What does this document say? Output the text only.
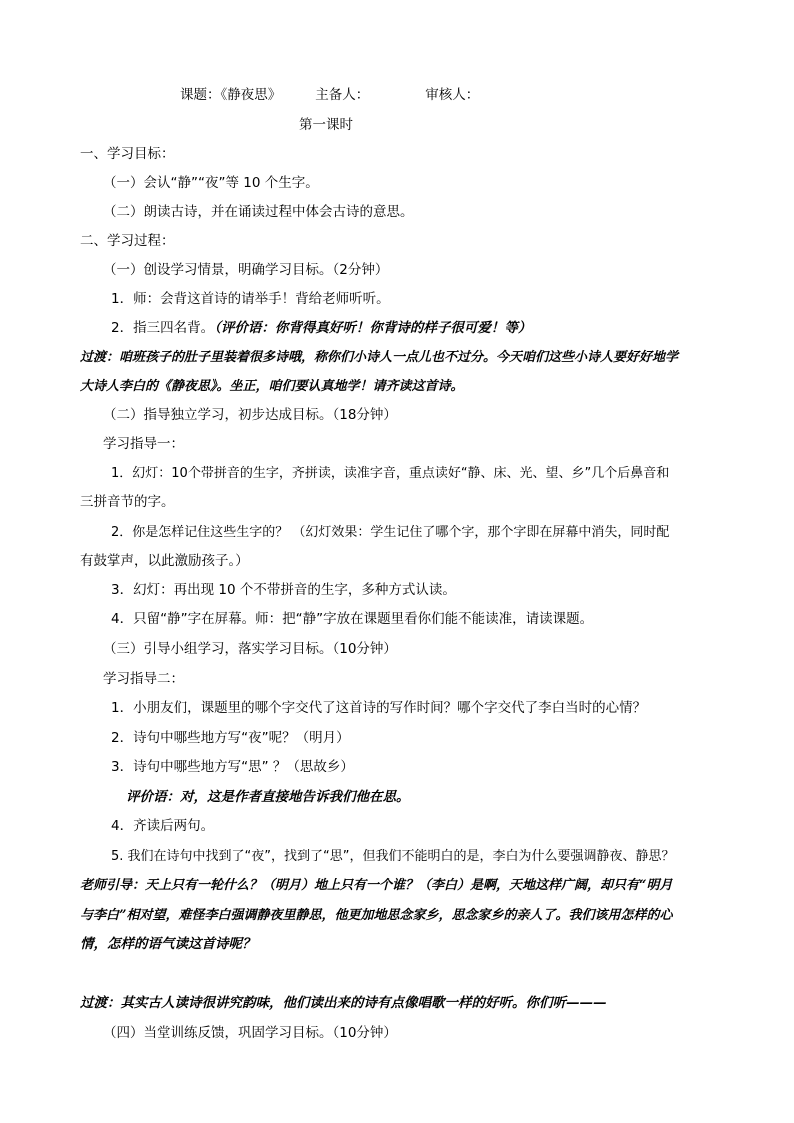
课题：《静夜思》	主备人：	审核人：
第一课时
一、学习目标：
（一）会认“静”“夜”等 10 个生字。
（二）朗读古诗，并在诵读过程中体会古诗的意思。
二、学习过程：
（一）创设学习情景，明确学习目标。（2分钟）
1．师：会背这首诗的请举手！背给老师听听。
2．指三四名背。（评价语：你背得真好听！你背诗的样子很可爱！等）
过渡：咱班孩子的肚子里装着很多诗哦，称你们小诗人一点儿也不过分。今天咱们这些小诗人要好好地学
大诗人李白的《静夜思》。坐正，咱们要认真地学！请齐读这首诗。
（二）指导独立学习，初步达成目标。（18分钟）
学习指导一：
1．幻灯：10个带拼音的生字，齐拼读，读准字音，重点读好“静、床、光、望、乡”几个后鼻音和
三拼音节的字。
2．你是怎样记住这些生字的？ （幻灯效果：学生记住了哪个字，那个字即在屏幕中消失，同时配
有鼓掌声，以此激励孩子。）
3．幻灯：再出现 10 个不带拼音的生字，多种方式认读。
4．只留“静”字在屏幕。师：把“静”字放在课题里看你们能不能读准，请读课题。
（三）引导小组学习，落实学习目标。（10分钟）
学习指导二：
1．小朋友们，课题里的哪个字交代了这首诗的写作时间？哪个字交代了李白当时的心情？
2．诗句中哪些地方写“夜”呢？（明月）
3．诗句中哪些地方写“思” ？（思故乡）
评价语：对，这是作者直接地告诉我们他在思。
4．齐读后两句。
5. 我们在诗句中找到了“夜”，找到了“思”，但我们不能明白的是，李白为什么要强调静夜、静思？
老师引导：天上只有一轮什么？（明月）地上只有一个谁？（李白）是啊，天地这样广阔，却只有“明月
与李白”相对望，难怪李白强调静夜里静思，他更加地思念家乡，思念家乡的亲人了。我们该用怎样的心
情，怎样的语气读这首诗呢？
过渡：其实古人读诗很讲究韵味，他们读出来的诗有点像唱歌一样的好听。你们听———
（四）当堂训练反馈，巩固学习目标。（10分钟）
